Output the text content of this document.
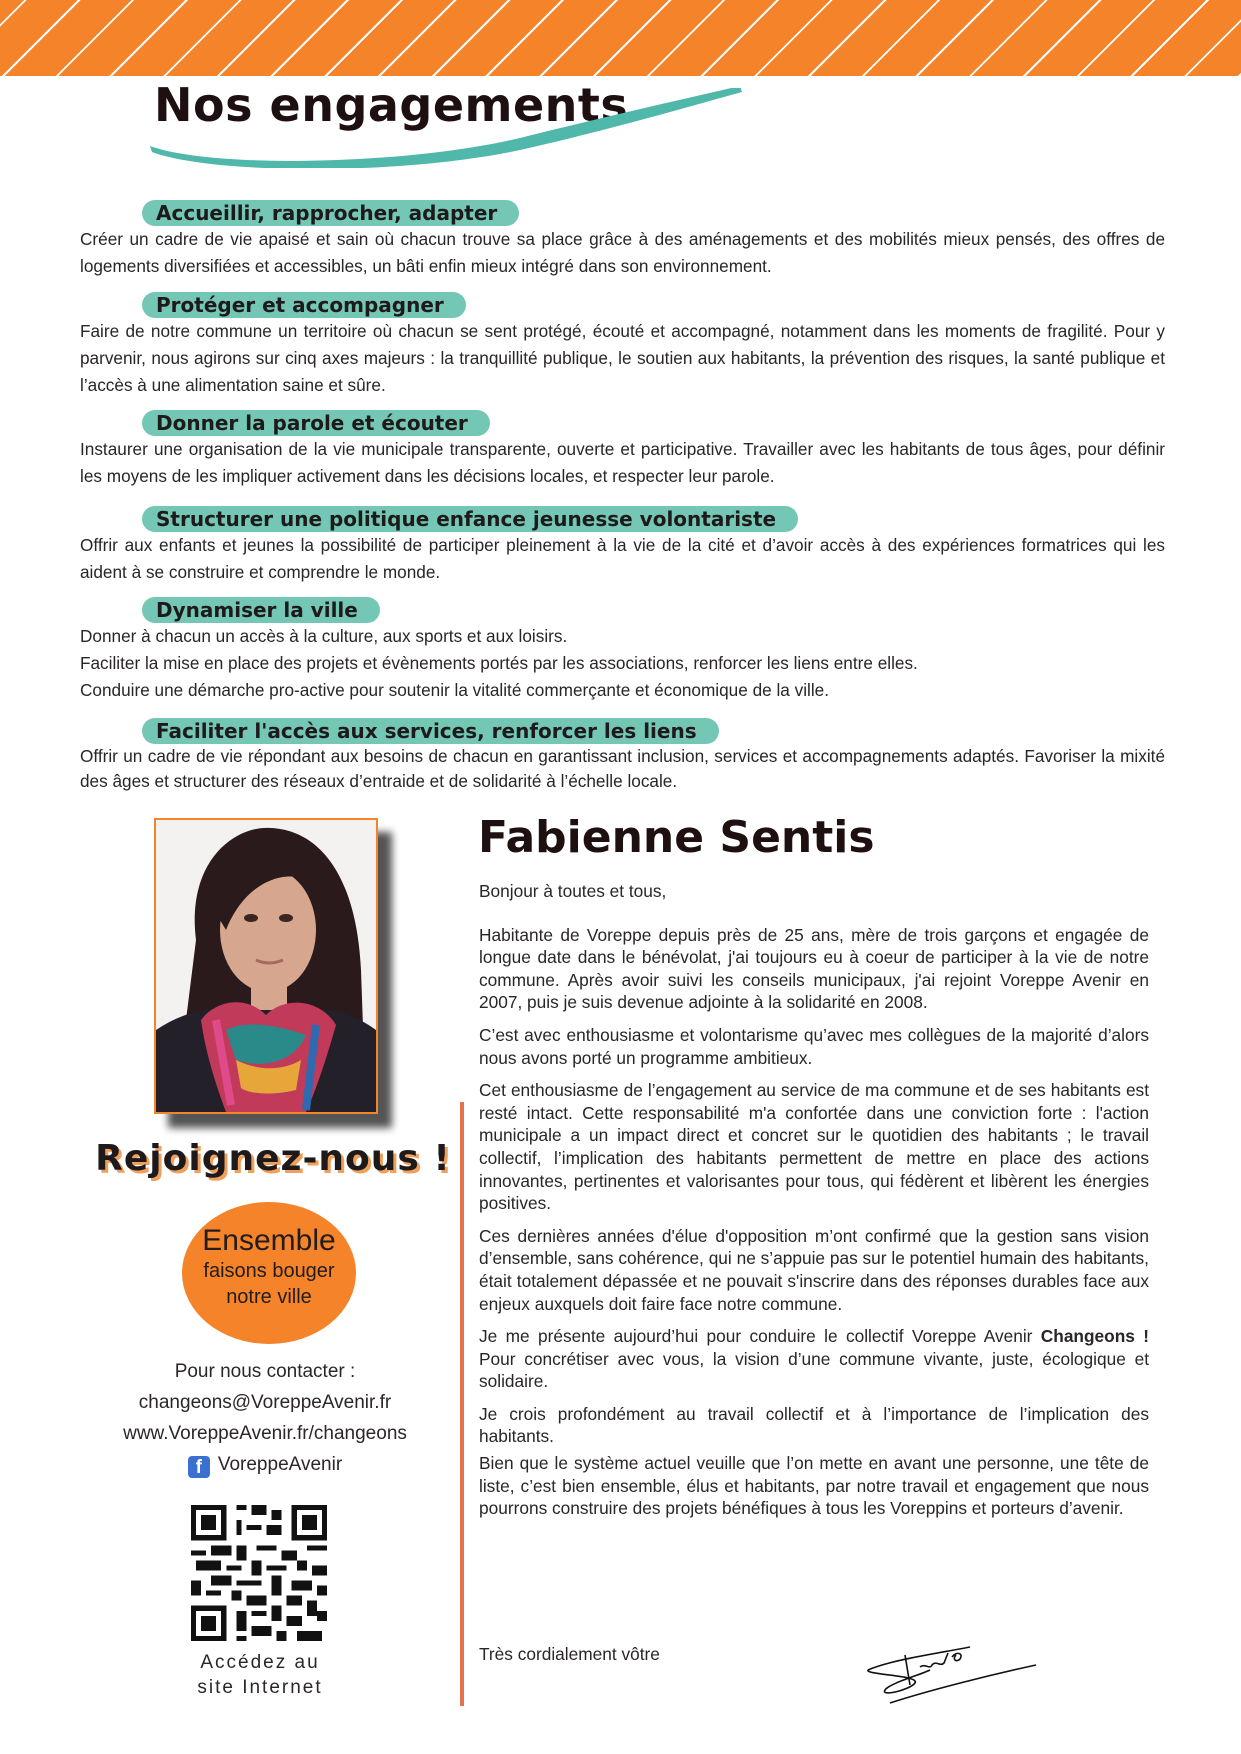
Nos engagements
Accueillir, rapprocher, adapter

Créer un cadre de vie apaisé et sain où chacun trouve sa place grâce à des aménagements et des mobilités mieux pensés, des offres de logements diversifiées et accessibles, un bâti enfin mieux intégré dans son environnement.

Protéger et accompagner

Faire de notre commune un territoire où chacun se sent protégé, écouté et accompagné, notamment dans les moments de fragilité. Pour y parvenir, nous agirons sur cinq axes majeurs : la tranquillité publique, le soutien aux habitants, la prévention des risques, la santé publique et l’accès à une alimentation saine et sûre.

Donner la parole et écouter

Instaurer une organisation de la vie municipale transparente, ouverte et participative. Travailler avec les habitants de tous âges, pour définir les moyens de les impliquer activement dans les décisions locales, et respecter leur parole.

Structurer une politique enfance jeunesse volontariste

Offrir aux enfants et jeunes la possibilité de participer pleinement à la vie de la cité et d’avoir accès à des expériences formatrices qui les aident à se construire et comprendre le monde.

Dynamiser la ville

Donner à chacun un accès à la culture, aux sports et aux loisirs.

Faciliter la mise en place des projets et évènements portés par les associations, renforcer les liens entre elles.

Conduire une démarche pro-active pour soutenir la vitalité commerçante et économique de la ville.

Faciliter l'accès aux services, renforcer les liens

Offrir un cadre de vie répondant aux besoins de chacun en garantissant inclusion, services et accompagnements adaptés. Favoriser la mixité des âges et structurer des réseaux d’entraide et de solidarité à l’échelle locale.

Rejoignez-nous !
Ensemble
faisons bouger
notre ville
Pour nous contacter :
changeons@VoreppeAvenir.fr
www.VoreppeAvenir.fr/changeons
f VoreppeAvenir
Accédez au
site Internet
Fabienne Sentis

Bonjour à toutes et tous,

Habitante de Voreppe depuis près de 25 ans, mère de trois garçons et engagée de longue date dans le bénévolat, j'ai toujours eu à coeur de participer à la vie de notre commune. Après avoir suivi les conseils municipaux, j'ai rejoint Voreppe Avenir en 2007, puis je suis devenue adjointe à la solidarité en 2008.

C’est avec enthousiasme et volontarisme qu’avec mes collègues de la majorité d’alors nous avons porté un programme ambitieux.

Cet enthousiasme de l’engagement au service de ma commune et de ses habitants est resté intact. Cette responsabilité m'a confortée dans une conviction forte : l'action municipale a un impact direct et concret sur le quotidien des habitants ; le travail collectif, l’implication des habitants permettent de mettre en place des actions innovantes, pertinentes et valorisantes pour tous, qui fédèrent et libèrent les énergies positives.

Ces dernières années d'élue d'opposition m’ont confirmé que la gestion sans vision d’ensemble, sans cohérence, qui ne s’appuie pas sur le potentiel humain des habitants, était totalement dépassée et ne pouvait s'inscrire dans des réponses durables face aux enjeux auxquels doit faire face notre commune.

Je me présente aujourd’hui pour conduire le collectif Voreppe Avenir Changeons ! Pour concrétiser avec vous, la vision d’une commune vivante, juste, écologique et solidaire.

Je crois profondément au travail collectif et à l’importance de l’implication des habitants.

Bien que le système actuel veuille que l’on mette en avant une personne, une tête de liste, c’est bien ensemble, élus et habitants, par notre travail et engagement que nous pourrons construire des projets bénéfiques à tous les Voreppins et porteurs d’avenir.

Très cordialement vôtre
